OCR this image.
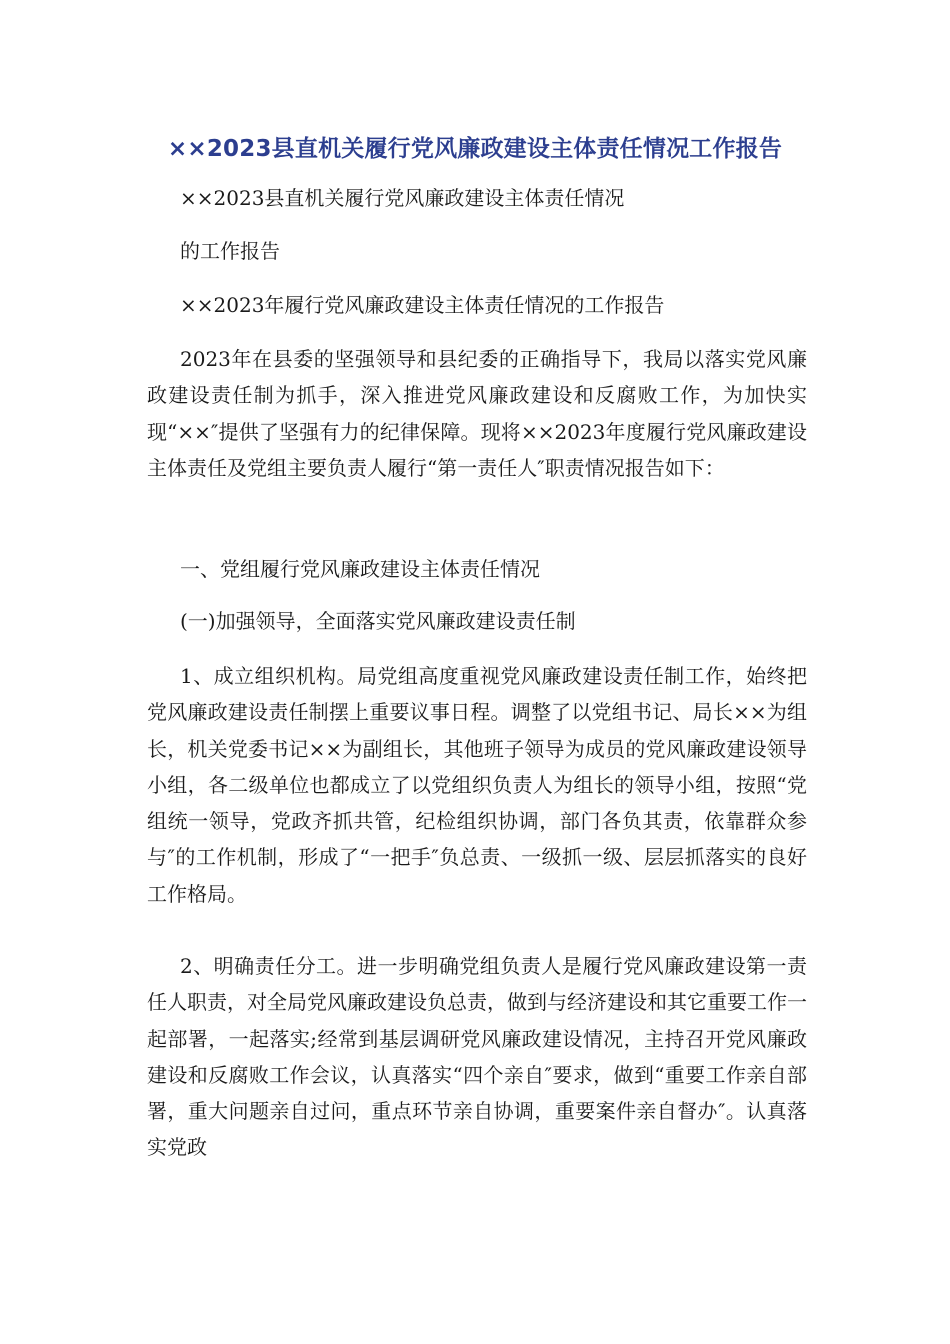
××2023县直机关履行党风廉政建设主体责任情况工作报告

××2023县直机关履行党风廉政建设主体责任情况

的工作报告

××2023年履行党风廉政建设主体责任情况的工作报告

2023年在县委的坚强领导和县纪委的正确指导下，我局以落实党风廉政建设责任制为抓手，深入推进党风廉政建设和反腐败工作，为加快实现“××″提供了坚强有力的纪律保障。现将××2023年度履行党风廉政建设主体责任及党组主要负责人履行“第一责任人″职责情况报告如下：

一、党组履行党风廉政建设主体责任情况

(一)加强领导，全面落实党风廉政建设责任制

1、成立组织机构。局党组高度重视党风廉政建设责任制工作，始终把党风廉政建设责任制摆上重要议事日程。调整了以党组书记、局长××为组长，机关党委书记××为副组长，其他班子领导为成员的党风廉政建设领导小组，各二级单位也都成立了以党组织负责人为组长的领导小组，按照“党组统一领导，党政齐抓共管，纪检组织协调，部门各负其责，依靠群众参与″的工作机制，形成了“一把手″负总责、一级抓一级、层层抓落实的良好工作格局。

2、明确责任分工。进一步明确党组负责人是履行党风廉政建设第一责任人职责，对全局党风廉政建设负总责，做到与经济建设和其它重要工作一起部署，一起落实;经常到基层调研党风廉政建设情况，主持召开党风廉政建设和反腐败工作会议，认真落实“四个亲自″要求，做到“重要工作亲自部署，重大问题亲自过问，重点环节亲自协调，重要案件亲自督办″。认真落实党政
